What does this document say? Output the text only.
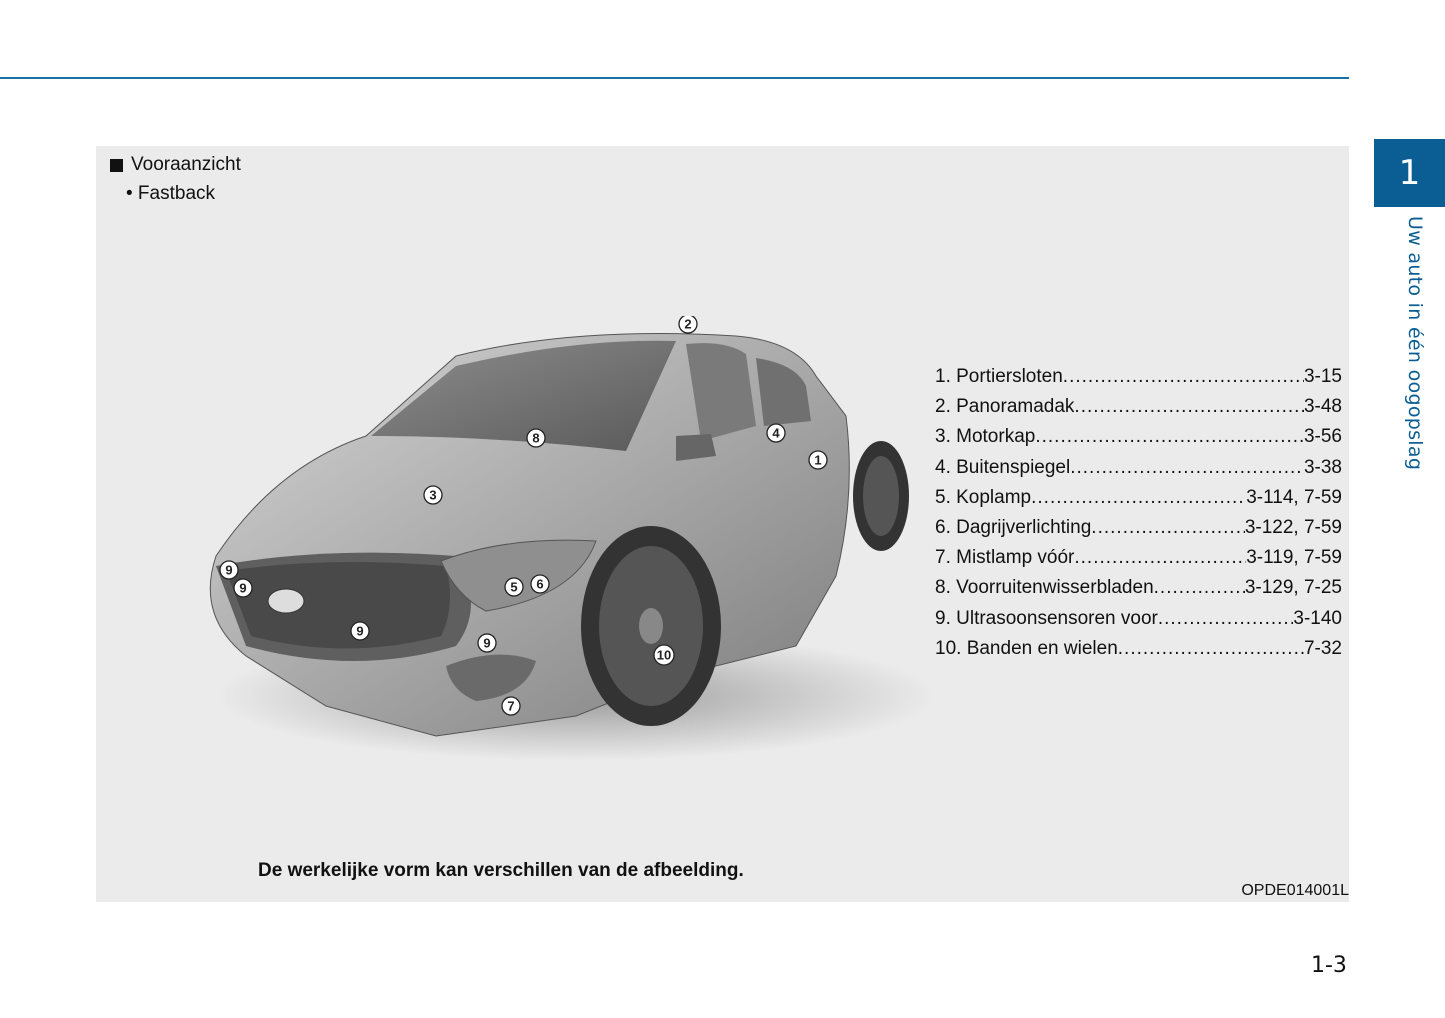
1
Uw auto in één oogopslag
Vooraanzicht
• Fastback
2
8	4
1
3
5 6
9
9
9
9
10
7
1. Portiersloten .....	3-15
2. Panoramadak .....	3-48
3. Motorkap .....	3-56
4. Buitenspiegel .....	3-38
5. Koplamp .....	3-114, 7-59
6. Dagrijverlichting .....	3-122, 7-59
7. Mistlamp vóór .....	3-119, 7-59
8. Voorruitenwisserbladen .....	3-129, 7-25
9. Ultrasoonsensoren voor .....	3-140
10. Banden en wielen .....	7-32
De werkelijke vorm kan verschillen van de afbeelding.
OPDE014001L
1-3
